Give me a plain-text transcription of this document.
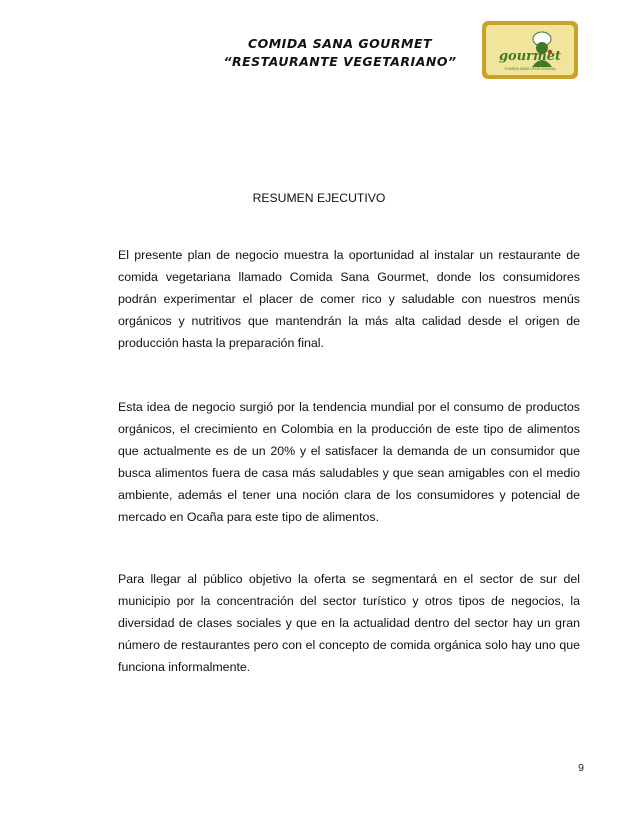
COMIDA SANA GOURMET
“RESTAURANTE VEGETARIANO”	gourmet
COMIDA SANA VEGETARIANA
RESUMEN EJECUTIVO

El presente plan de negocio muestra la oportunidad al instalar un restaurante de comida vegetariana llamado Comida Sana Gourmet, donde los consumidores podrán experimentar el placer de comer rico y saludable con nuestros menús orgánicos y nutritivos que mantendrán la más alta calidad desde el origen de producción hasta la preparación final.

Esta idea de negocio surgió por la tendencia mundial por el consumo de productos orgánicos, el crecimiento en Colombia en la producción de este tipo de alimentos que actualmente es de un 20% y el satisfacer la demanda de un consumidor que busca alimentos fuera de casa más saludables y que sean amigables con el medio ambiente, además el tener una noción clara de los consumidores y potencial de mercado en Ocaña para este tipo de alimentos.

Para llegar al público objetivo la oferta se segmentará en el sector de sur del municipio por la concentración del sector turístico y otros tipos de negocios, la diversidad de clases sociales y que en la actualidad dentro del sector hay un gran número de restaurantes pero con el concepto de comida orgánica solo hay uno que funciona informalmente.

9
